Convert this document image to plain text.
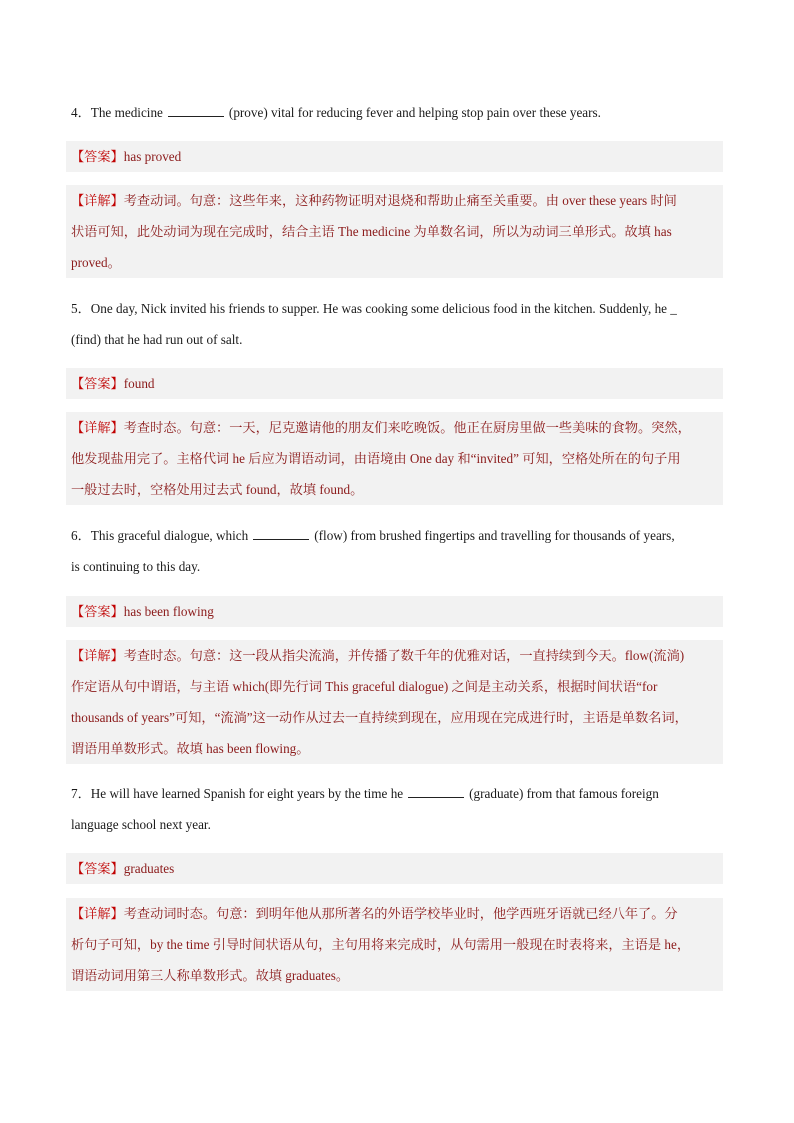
4．The medicine	(prove) vital for reducing fever and helping stop pain over these years.
【答案】has proved
【详解】考查动词。句意：这些年来，这种药物证明对退烧和帮助止痛至关重要。由 over these years 时间
状语可知，此处动词为现在完成时，结合主语 The medicine 为单数名词，所以为动词三单形式。故填 has
proved。
5．One day, Nick invited his friends to supper. He was cooking some delicious food in the kitchen. Suddenly, he _
(find) that he had run out of salt.
【答案】found
【详解】考查时态。句意：一天，尼克邀请他的朋友们来吃晚饭。他正在厨房里做一些美味的食物。突然，
他发现盐用完了。主格代词 he 后应为谓语动词，由语境由 One day 和“invited” 可知，空格处所在的句子用
一般过去时，空格处用过去式 found，故填 found。
6．This graceful dialogue, which	(flow) from brushed fingertips and travelling for thousands of years,
is continuing to this day.
【答案】has been flowing
【详解】考查时态。句意：这一段从指尖流淌，并传播了数千年的优雅对话，一直持续到今天。flow(流淌)
作定语从句中谓语，与主语 which(即先行词 This graceful dialogue) 之间是主动关系，根据时间状语“for
thousands of years”可知，“流淌”这一动作从过去一直持续到现在，应用现在完成进行时，主语是单数名词，
谓语用单数形式。故填 has been flowing。
7．He will have learned Spanish for eight years by the time he	(graduate) from that famous foreign
language school next year.
【答案】graduates
【详解】考查动词时态。句意：到明年他从那所著名的外语学校毕业时，他学西班牙语就已经八年了。分
析句子可知，by the time 引导时间状语从句，主句用将来完成时，从句需用一般现在时表将来，主语是 he，
谓语动词用第三人称单数形式。故填 graduates。
